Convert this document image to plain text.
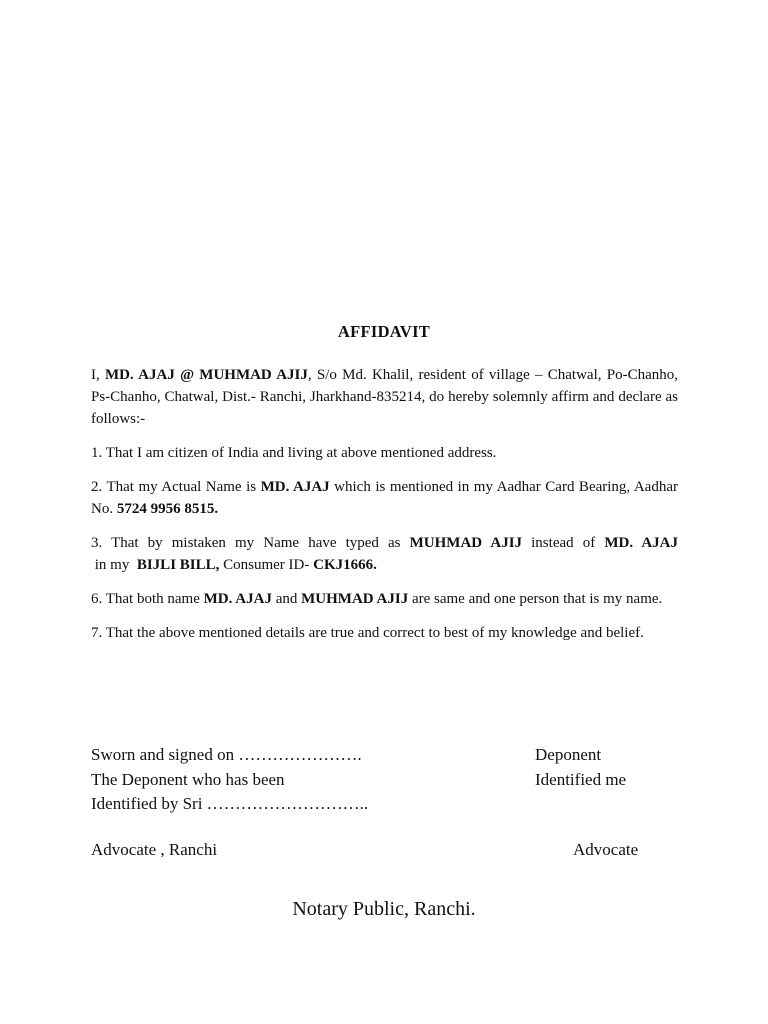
AFFIDAVIT

I, MD. AJAJ @ MUHMAD AJIJ, S/o Md. Khalil, resident of village – Chatwal, Po-Chanho, Ps-Chanho, Chatwal, Dist.- Ranchi, Jharkhand-835214, do hereby solemnly affirm and declare as follows:-

1. That I am citizen of India and living at above mentioned address.

2. That my Actual Name is MD. AJAJ which is mentioned in my Aadhar Card Bearing, Aadhar No. 5724 9956 8515.

3. That by mistaken my Name have typed as MUHMAD AJIJ instead of MD. AJAJ in my  BIJLI BILL, Consumer ID- CKJ1666.

6. That both name MD. AJAJ and MUHMAD AJIJ are same and one person that is my name.

7. That the above mentioned details are true and correct to best of my knowledge and belief.

Sworn and signed on ………………….
The Deponent who has been
Identified by Sri ………………………..
Deponent
Identified me
Advocate , Ranchi	Advocate
Notary Public, Ranchi.
